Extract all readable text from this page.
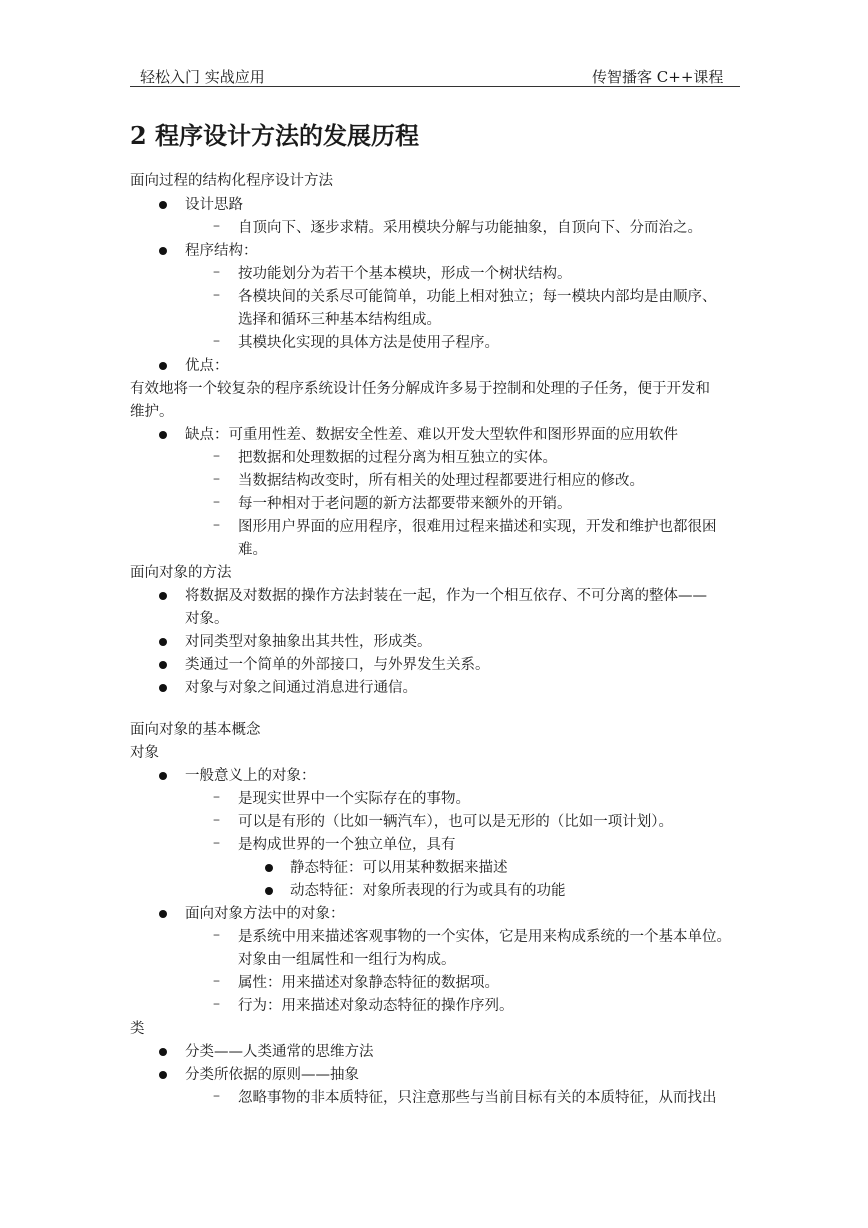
轻松入门 实战应用	传智播客 C++课程
2 程序设计方法的发展历程
面向过程的结构化程序设计方法
设计思路
– 自顶向下、逐步求精。采用模块分解与功能抽象，自顶向下、分而治之。
程序结构：
– 按功能划分为若干个基本模块，形成一个树状结构。
– 各模块间的关系尽可能简单，功能上相对独立；每一模块内部均是由顺序、
选择和循环三种基本结构组成。
– 其模块化实现的具体方法是使用子程序。
优点：
有效地将一个较复杂的程序系统设计任务分解成许多易于控制和处理的子任务，便于开发和
维护。
缺点：可重用性差、数据安全性差、难以开发大型软件和图形界面的应用软件
– 把数据和处理数据的过程分离为相互独立的实体。
– 当数据结构改变时，所有相关的处理过程都要进行相应的修改。
– 每一种相对于老问题的新方法都要带来额外的开销。
– 图形用户界面的应用程序，很难用过程来描述和实现，开发和维护也都很困
难。
面向对象的方法
将数据及对数据的操作方法封装在一起，作为一个相互依存、不可分离的整体——
对象。
对同类型对象抽象出其共性，形成类。
类通过一个简单的外部接口，与外界发生关系。
对象与对象之间通过消息进行通信。
面向对象的基本概念
对象
一般意义上的对象：
– 是现实世界中一个实际存在的事物。
– 可以是有形的（比如一辆汽车），也可以是无形的（比如一项计划）。
– 是构成世界的一个独立单位，具有
静态特征：可以用某种数据来描述
动态特征：对象所表现的行为或具有的功能
面向对象方法中的对象：
– 是系统中用来描述客观事物的一个实体，它是用来构成系统的一个基本单位。
对象由一组属性和一组行为构成。
– 属性：用来描述对象静态特征的数据项。
– 行为：用来描述对象动态特征的操作序列。
类
分类——人类通常的思维方法
分类所依据的原则——抽象
– 忽略事物的非本质特征，只注意那些与当前目标有关的本质特征，从而找出
